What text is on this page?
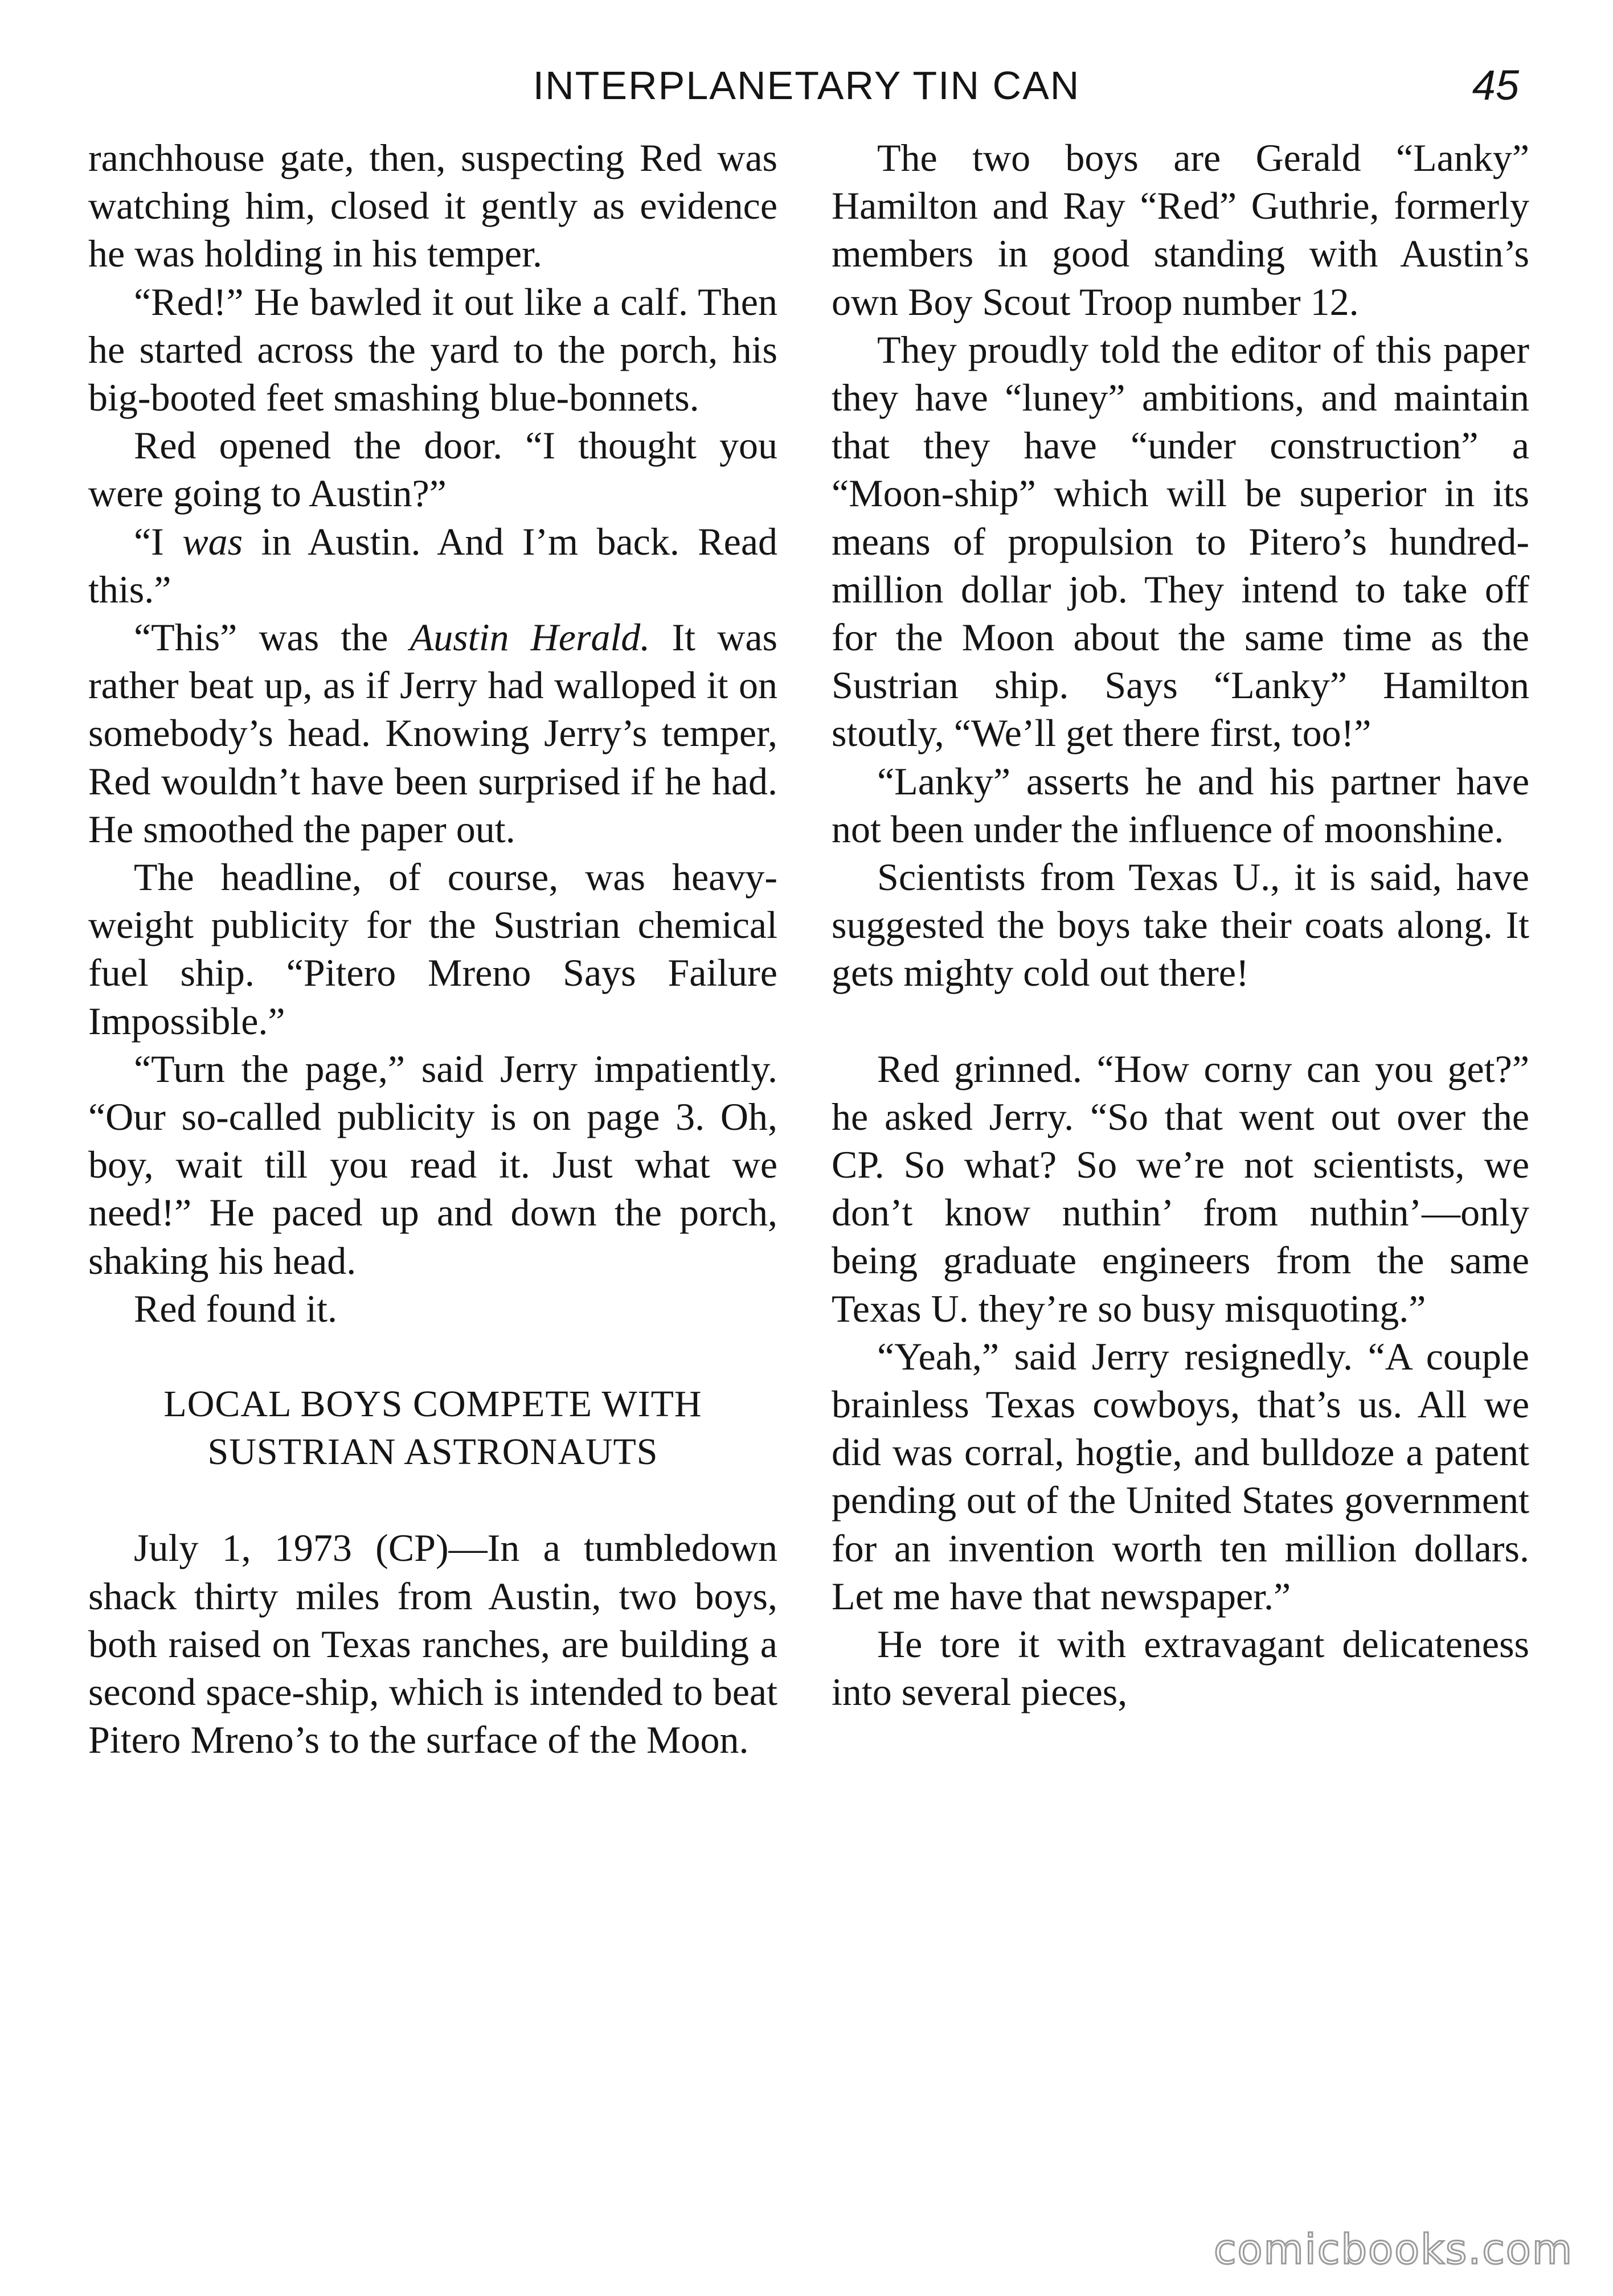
INTERPLANETARY TIN CAN	45

ranchhouse gate, then, suspecting Red was watching him, closed it gently as evidence he was holding in his temper.

“Red!” He bawled it out like a calf. Then he started across the yard to the porch, his big-booted feet smashing blue-bonnets.

Red opened the door. “I thought you were going to Austin?”

“I was in Austin. And I’m back. Read this.”

“This” was the Austin Herald. It was rather beat up, as if Jerry had walloped it on somebody’s head. Knowing Jerry’s temper, Red wouldn’t have been surprised if he had. He smoothed the paper out.

The headline, of course, was heavy-weight publicity for the Sustrian chemical fuel ship. “Pitero Mreno Says Failure Impossible.”

“Turn the page,” said Jerry impatiently. “Our so-called publicity is on page 3. Oh, boy, wait till you read it. Just what we need!” He paced up and down the porch, shaking his head.

Red found it.

LOCAL BOYS COMPETE WITH
SUSTRIAN ASTRONAUTS

July 1, 1973 (CP)—In a tumbledown shack thirty miles from Austin, two boys, both raised on Texas ranches, are building a second space-ship, which is intended to beat Pitero Mreno’s to the surface of the Moon.

The two boys are Gerald “Lanky” Hamilton and Ray “Red” Guthrie, formerly members in good standing with Austin’s own Boy Scout Troop number 12.

They proudly told the editor of this paper they have “luney” ambitions, and maintain that they have “under construction” a “Moon-ship” which will be superior in its means of propulsion to Pitero’s hundred-million dollar job. They intend to take off for the Moon about the same time as the Sustrian ship. Says “Lanky” Hamilton stoutly, “We’ll get there first, too!”

“Lanky” asserts he and his partner have not been under the influence of moonshine.

Scientists from Texas U., it is said, have suggested the boys take their coats along. It gets mighty cold out there!

Red grinned. “How corny can you get?” he asked Jerry. “So that went out over the CP. So what? So we’re not scientists, we don’t know nuthin’ from nuthin’—only being graduate engineers from the same Texas U. they’re so busy misquoting.”

“Yeah,” said Jerry resignedly. “A couple brainless Texas cowboys, that’s us. All we did was corral, hogtie, and bulldoze a patent pending out of the United States government for an invention worth ten million dollars. Let me have that newspaper.”

He tore it with extravagant delicateness into several pieces,

comicbooks.com
